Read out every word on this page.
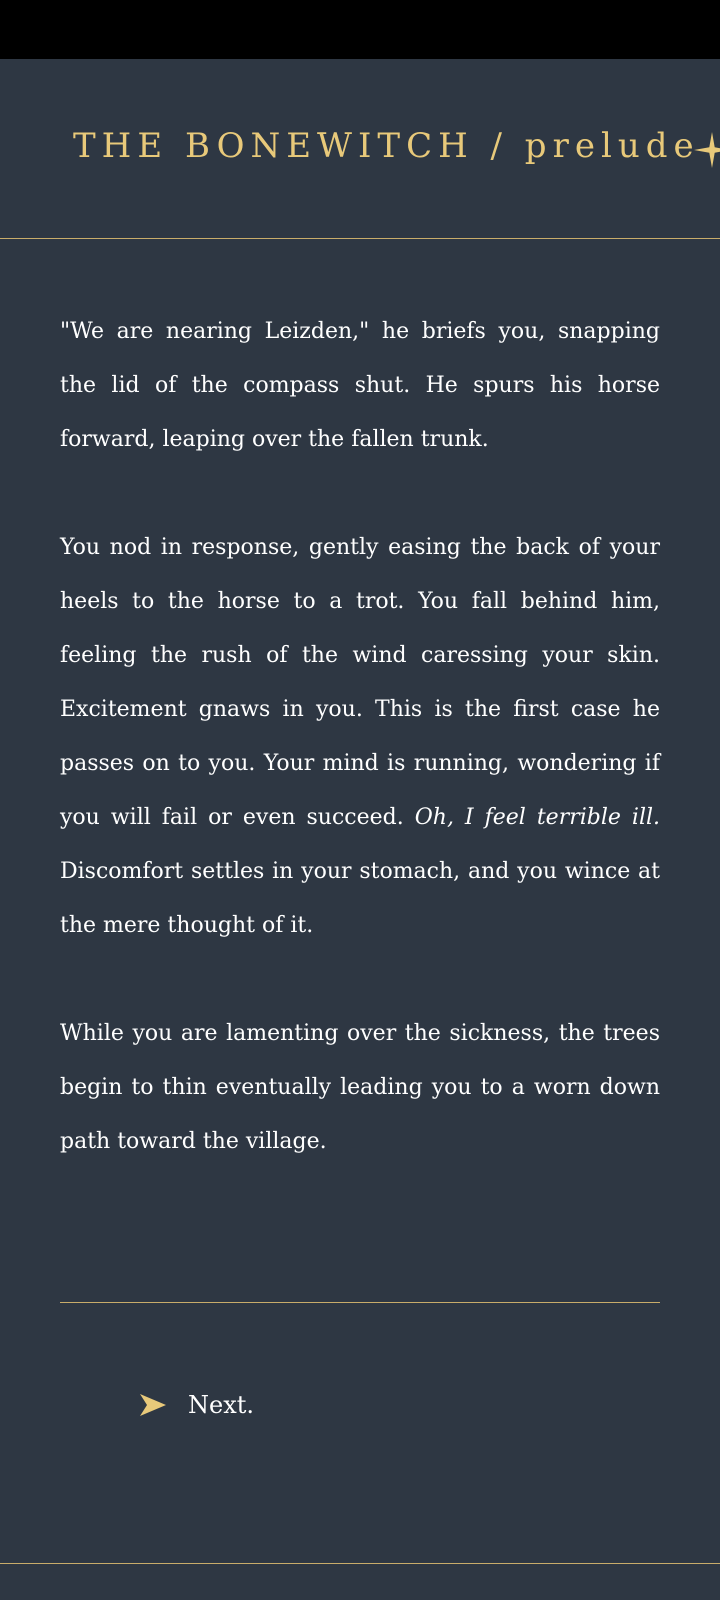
THE BONEWITCH / prelude

"We are nearing Leizden," he briefs you, snapping the lid of the compass shut. He spurs his horse forward, leaping over the fallen trunk.

You nod in response, gently easing the back of your heels to the horse to a trot. You fall behind him, feeling the rush of the wind caressing your skin. Excitement gnaws in you. This is the first case he passes on to you. Your mind is running, wondering if you will fail or even succeed. Oh, I feel terrible ill. Discomfort settles in your stomach, and you wince at the mere thought of it.

While you are lamenting over the sickness, the trees begin to thin eventually leading you to a worn down path toward the village.

Next.
